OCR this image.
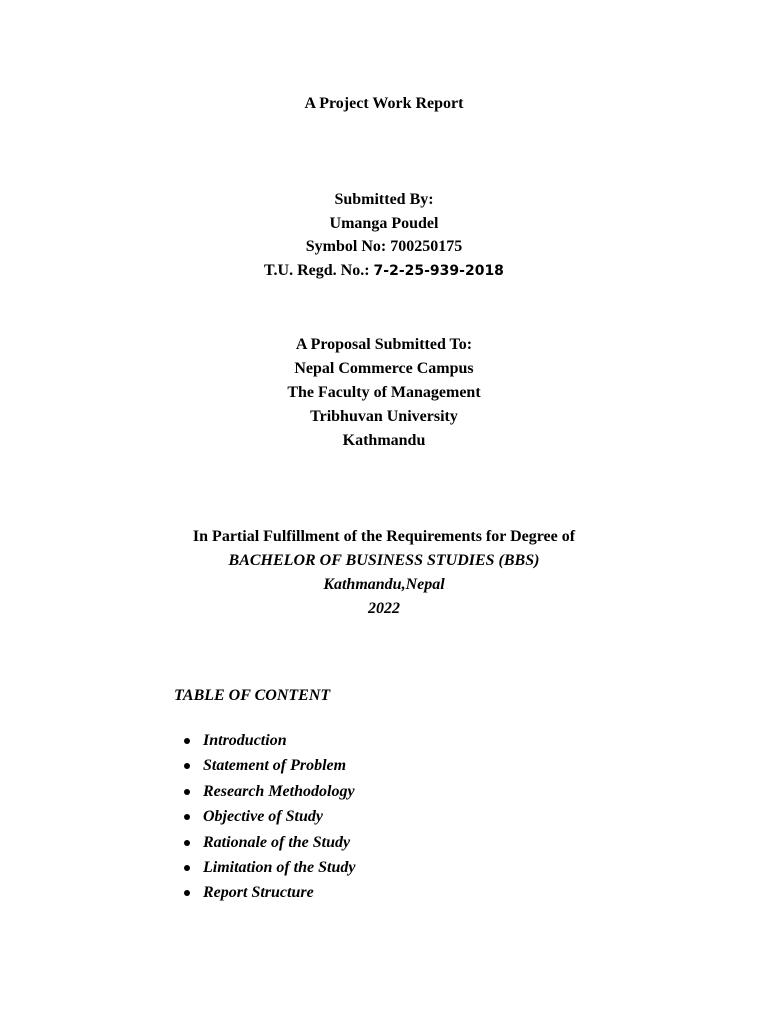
A Project Work Report
Submitted By:
Umanga Poudel
Symbol No: 700250175
T.U. Regd. No.: 7-2-25-939-2018
A Proposal Submitted To:
Nepal Commerce Campus
The Faculty of Management
Tribhuvan University
Kathmandu
In Partial Fulfillment of the Requirements for Degree of
BACHELOR OF BUSINESS STUDIES (BBS)
Kathmandu,Nepal
2022
TABLE OF CONTENT
Introduction
Statement of Problem
Research Methodology
Objective of Study
Rationale of the Study
Limitation of the Study
Report Structure
